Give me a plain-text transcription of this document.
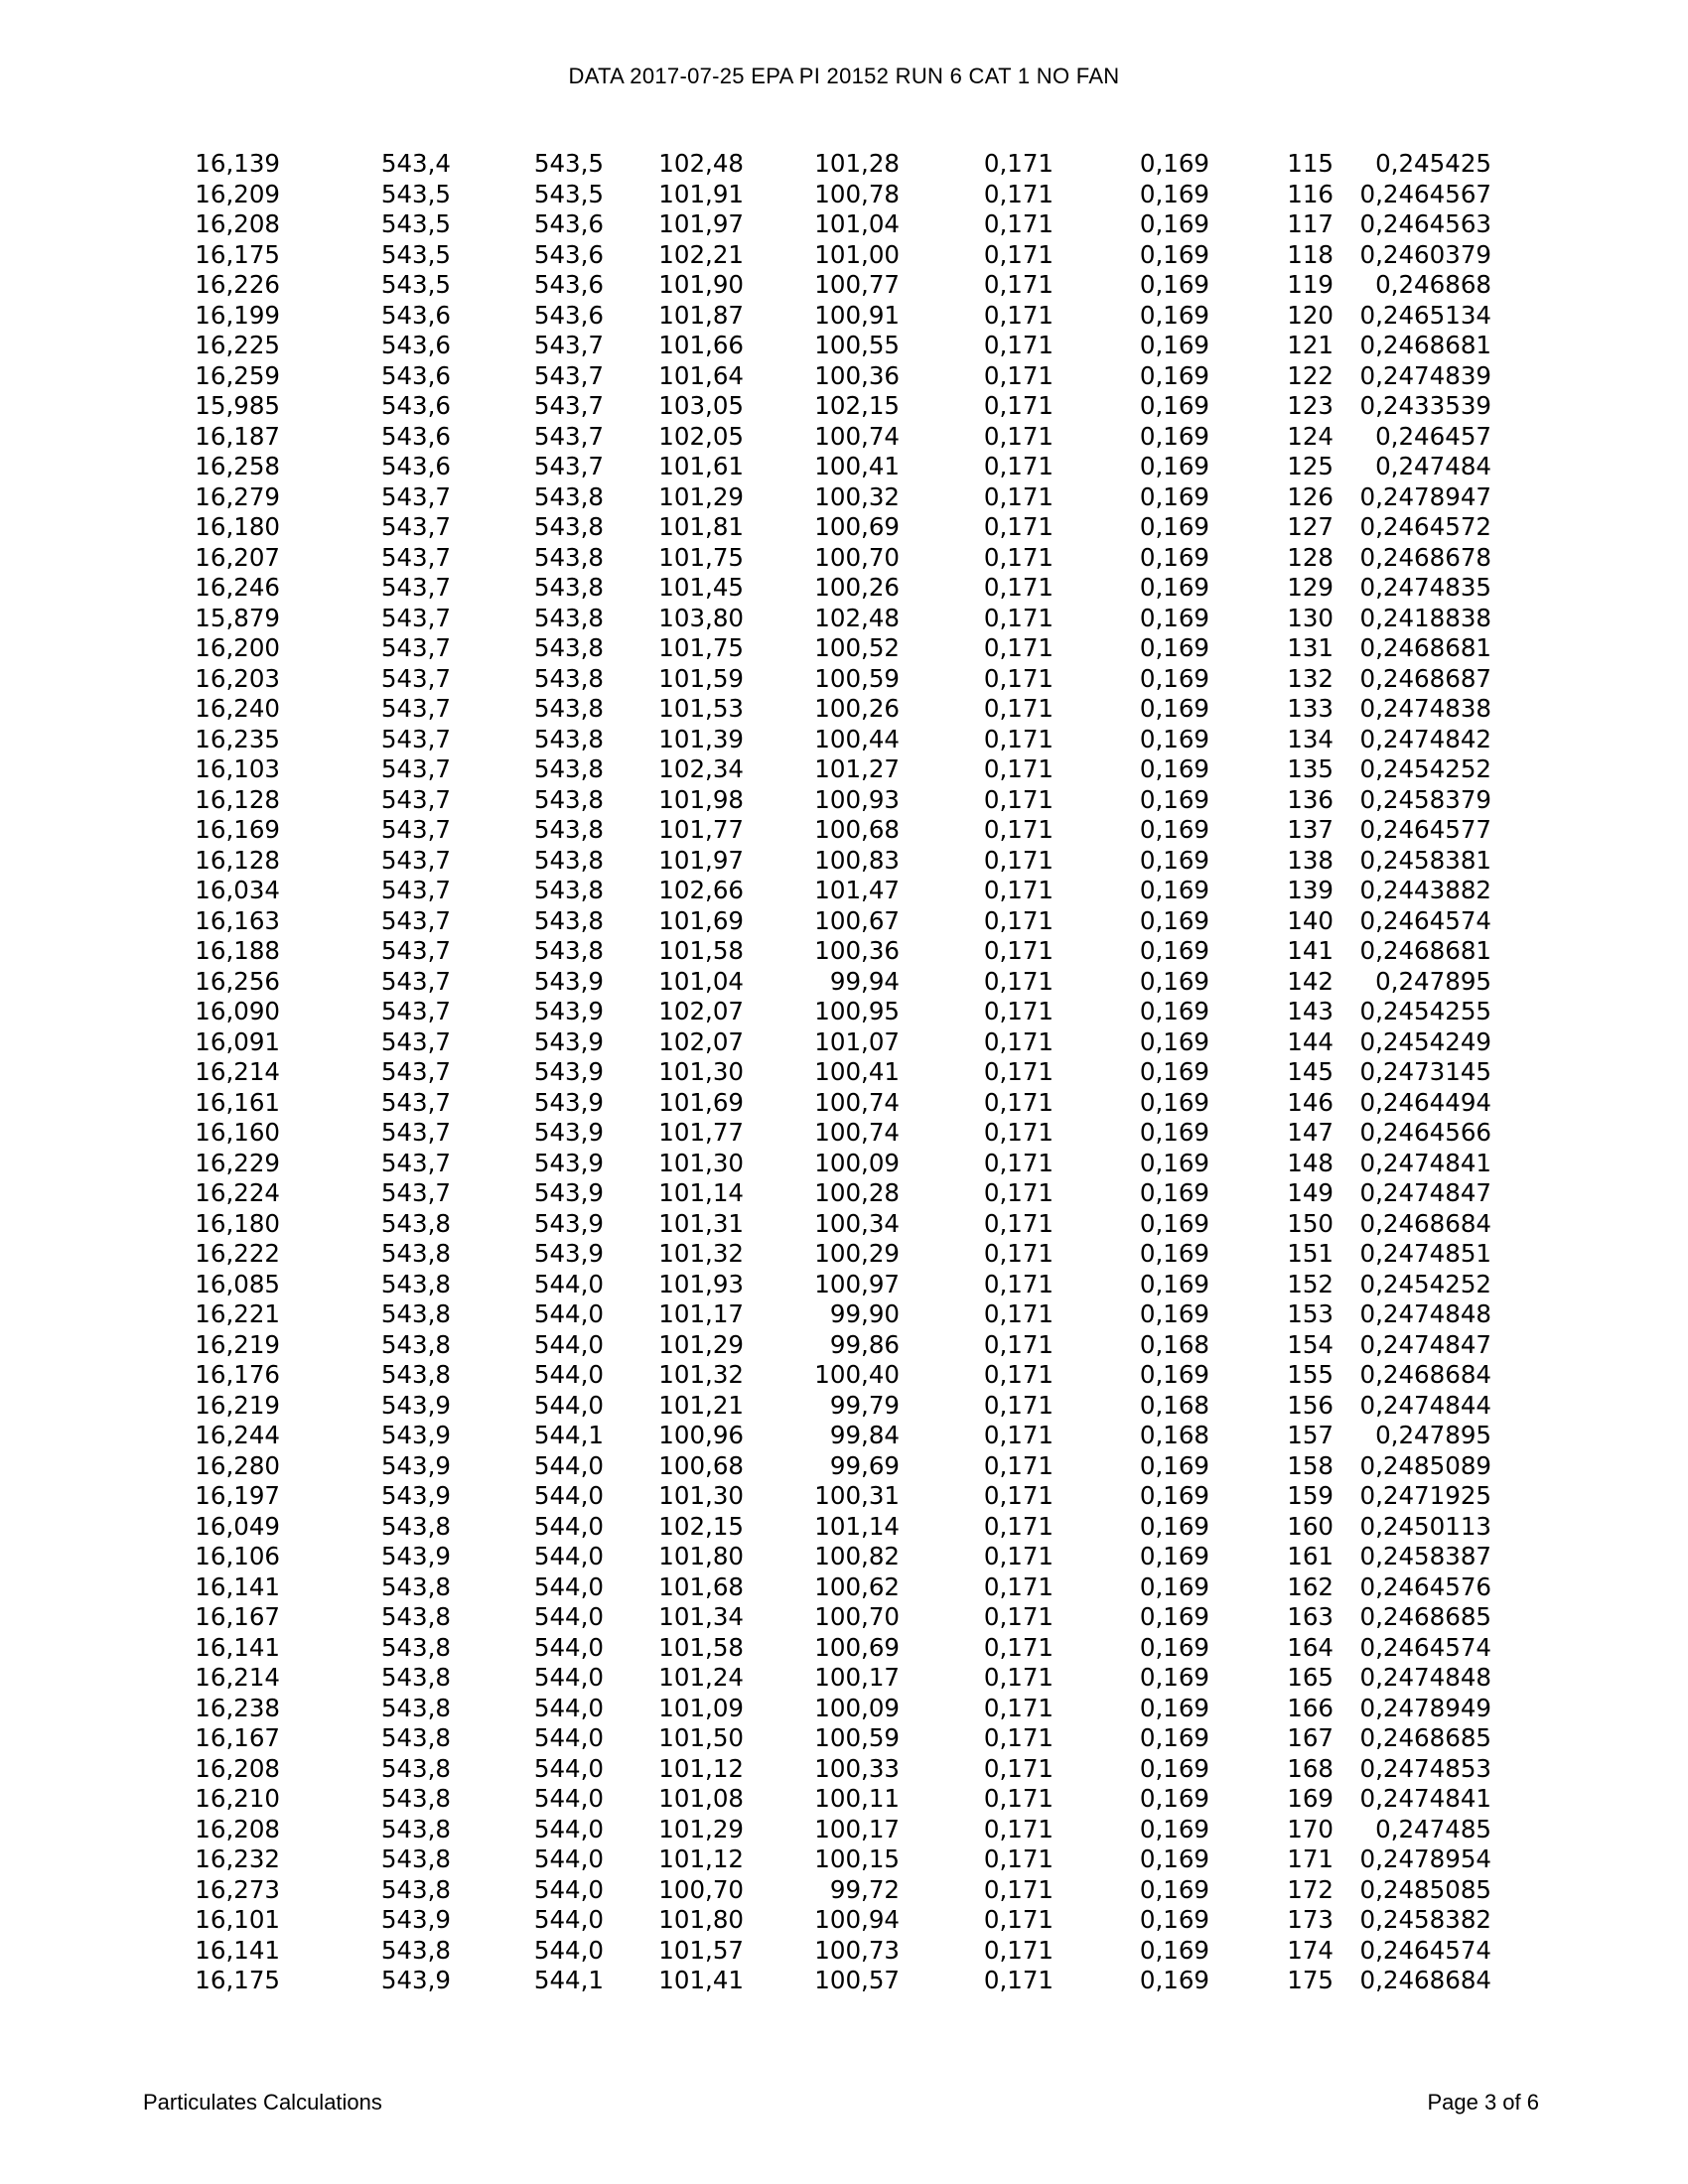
DATA 2017-07-25 EPA PI 20152 RUN 6 CAT 1 NO FAN
16,139	543,4	543,5	102,48	101,28	0,171	0,169	115	0,245425
16,209	543,5	543,5	101,91	100,78	0,171	0,169	116	0,2464567
16,208	543,5	543,6	101,97	101,04	0,171	0,169	117	0,2464563
16,175	543,5	543,6	102,21	101,00	0,171	0,169	118	0,2460379
16,226	543,5	543,6	101,90	100,77	0,171	0,169	119	0,246868
16,199	543,6	543,6	101,87	100,91	0,171	0,169	120	0,2465134
16,225	543,6	543,7	101,66	100,55	0,171	0,169	121	0,2468681
16,259	543,6	543,7	101,64	100,36	0,171	0,169	122	0,2474839
15,985	543,6	543,7	103,05	102,15	0,171	0,169	123	0,2433539
16,187	543,6	543,7	102,05	100,74	0,171	0,169	124	0,246457
16,258	543,6	543,7	101,61	100,41	0,171	0,169	125	0,247484
16,279	543,7	543,8	101,29	100,32	0,171	0,169	126	0,2478947
16,180	543,7	543,8	101,81	100,69	0,171	0,169	127	0,2464572
16,207	543,7	543,8	101,75	100,70	0,171	0,169	128	0,2468678
16,246	543,7	543,8	101,45	100,26	0,171	0,169	129	0,2474835
15,879	543,7	543,8	103,80	102,48	0,171	0,169	130	0,2418838
16,200	543,7	543,8	101,75	100,52	0,171	0,169	131	0,2468681
16,203	543,7	543,8	101,59	100,59	0,171	0,169	132	0,2468687
16,240	543,7	543,8	101,53	100,26	0,171	0,169	133	0,2474838
16,235	543,7	543,8	101,39	100,44	0,171	0,169	134	0,2474842
16,103	543,7	543,8	102,34	101,27	0,171	0,169	135	0,2454252
16,128	543,7	543,8	101,98	100,93	0,171	0,169	136	0,2458379
16,169	543,7	543,8	101,77	100,68	0,171	0,169	137	0,2464577
16,128	543,7	543,8	101,97	100,83	0,171	0,169	138	0,2458381
16,034	543,7	543,8	102,66	101,47	0,171	0,169	139	0,2443882
16,163	543,7	543,8	101,69	100,67	0,171	0,169	140	0,2464574
16,188	543,7	543,8	101,58	100,36	0,171	0,169	141	0,2468681
16,256	543,7	543,9	101,04	99,94	0,171	0,169	142	0,247895
16,090	543,7	543,9	102,07	100,95	0,171	0,169	143	0,2454255
16,091	543,7	543,9	102,07	101,07	0,171	0,169	144	0,2454249
16,214	543,7	543,9	101,30	100,41	0,171	0,169	145	0,2473145
16,161	543,7	543,9	101,69	100,74	0,171	0,169	146	0,2464494
16,160	543,7	543,9	101,77	100,74	0,171	0,169	147	0,2464566
16,229	543,7	543,9	101,30	100,09	0,171	0,169	148	0,2474841
16,224	543,7	543,9	101,14	100,28	0,171	0,169	149	0,2474847
16,180	543,8	543,9	101,31	100,34	0,171	0,169	150	0,2468684
16,222	543,8	543,9	101,32	100,29	0,171	0,169	151	0,2474851
16,085	543,8	544,0	101,93	100,97	0,171	0,169	152	0,2454252
16,221	543,8	544,0	101,17	99,90	0,171	0,169	153	0,2474848
16,219	543,8	544,0	101,29	99,86	0,171	0,168	154	0,2474847
16,176	543,8	544,0	101,32	100,40	0,171	0,169	155	0,2468684
16,219	543,9	544,0	101,21	99,79	0,171	0,168	156	0,2474844
16,244	543,9	544,1	100,96	99,84	0,171	0,168	157	0,247895
16,280	543,9	544,0	100,68	99,69	0,171	0,169	158	0,2485089
16,197	543,9	544,0	101,30	100,31	0,171	0,169	159	0,2471925
16,049	543,8	544,0	102,15	101,14	0,171	0,169	160	0,2450113
16,106	543,9	544,0	101,80	100,82	0,171	0,169	161	0,2458387
16,141	543,8	544,0	101,68	100,62	0,171	0,169	162	0,2464576
16,167	543,8	544,0	101,34	100,70	0,171	0,169	163	0,2468685
16,141	543,8	544,0	101,58	100,69	0,171	0,169	164	0,2464574
16,214	543,8	544,0	101,24	100,17	0,171	0,169	165	0,2474848
16,238	543,8	544,0	101,09	100,09	0,171	0,169	166	0,2478949
16,167	543,8	544,0	101,50	100,59	0,171	0,169	167	0,2468685
16,208	543,8	544,0	101,12	100,33	0,171	0,169	168	0,2474853
16,210	543,8	544,0	101,08	100,11	0,171	0,169	169	0,2474841
16,208	543,8	544,0	101,29	100,17	0,171	0,169	170	0,247485
16,232	543,8	544,0	101,12	100,15	0,171	0,169	171	0,2478954
16,273	543,8	544,0	100,70	99,72	0,171	0,169	172	0,2485085
16,101	543,9	544,0	101,80	100,94	0,171	0,169	173	0,2458382
16,141	543,8	544,0	101,57	100,73	0,171	0,169	174	0,2464574
16,175	543,9	544,1	101,41	100,57	0,171	0,169	175	0,2468684
Particulates Calculations	Page 3 of 6
